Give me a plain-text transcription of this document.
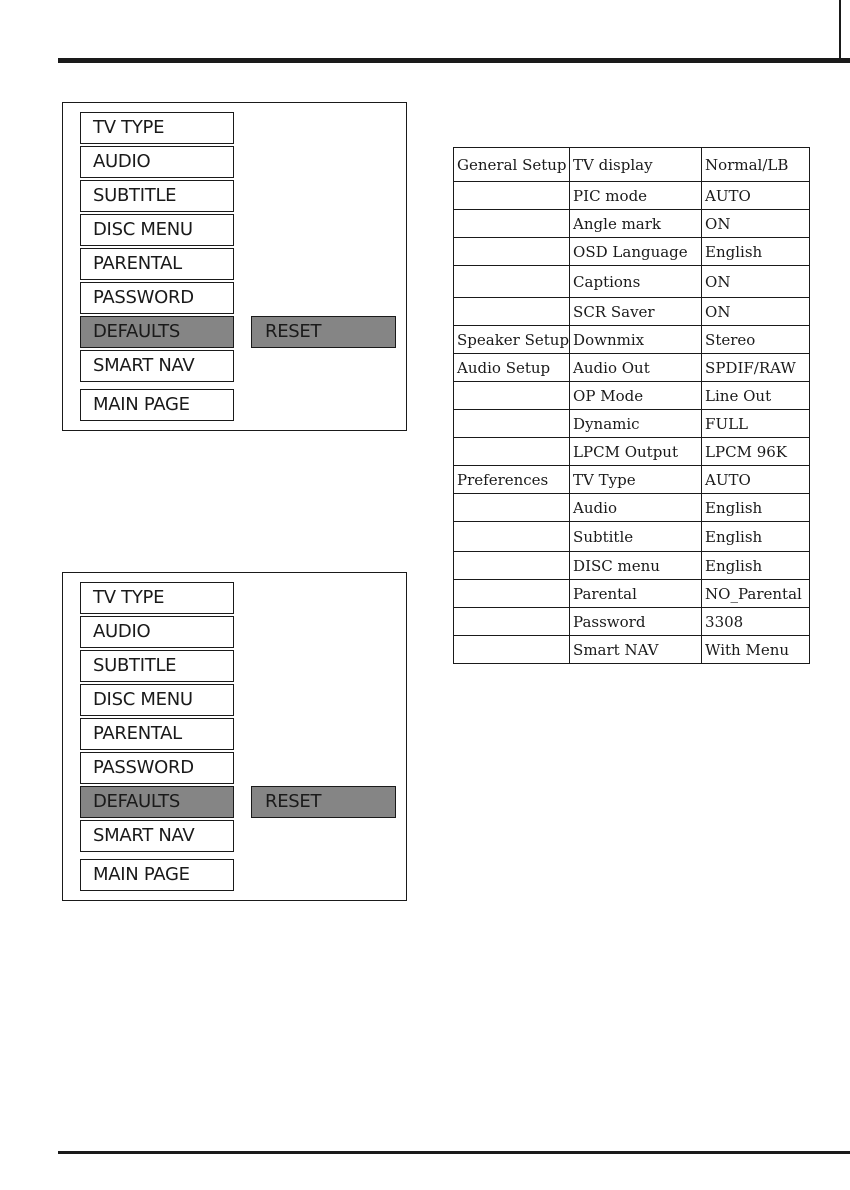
TV TYPE
AUDIO
SUBTITLE
DISC MENU
PARENTAL
PASSWORD
DEFAULTS	RESET
SMART NAV
MAIN PAGE
TV TYPE
AUDIO
SUBTITLE
DISC MENU
PARENTAL
PASSWORD
DEFAULTS	RESET
SMART NAV
MAIN PAGE
General Setup	TV display	Normal/LB
	PIC mode	AUTO
	Angle mark	ON
	OSD Language	English
	Captions	ON
	SCR Saver	ON
Speaker Setup	Downmix	Stereo
Audio Setup	Audio Out	SPDIF/RAW
	OP Mode	Line Out
	Dynamic	FULL
	LPCM Output	LPCM 96K
Preferences	TV Type	AUTO
	Audio	English
	Subtitle	English
	DISC menu	English
	Parental	NO_Parental
	Password	3308
	Smart NAV	With Menu
